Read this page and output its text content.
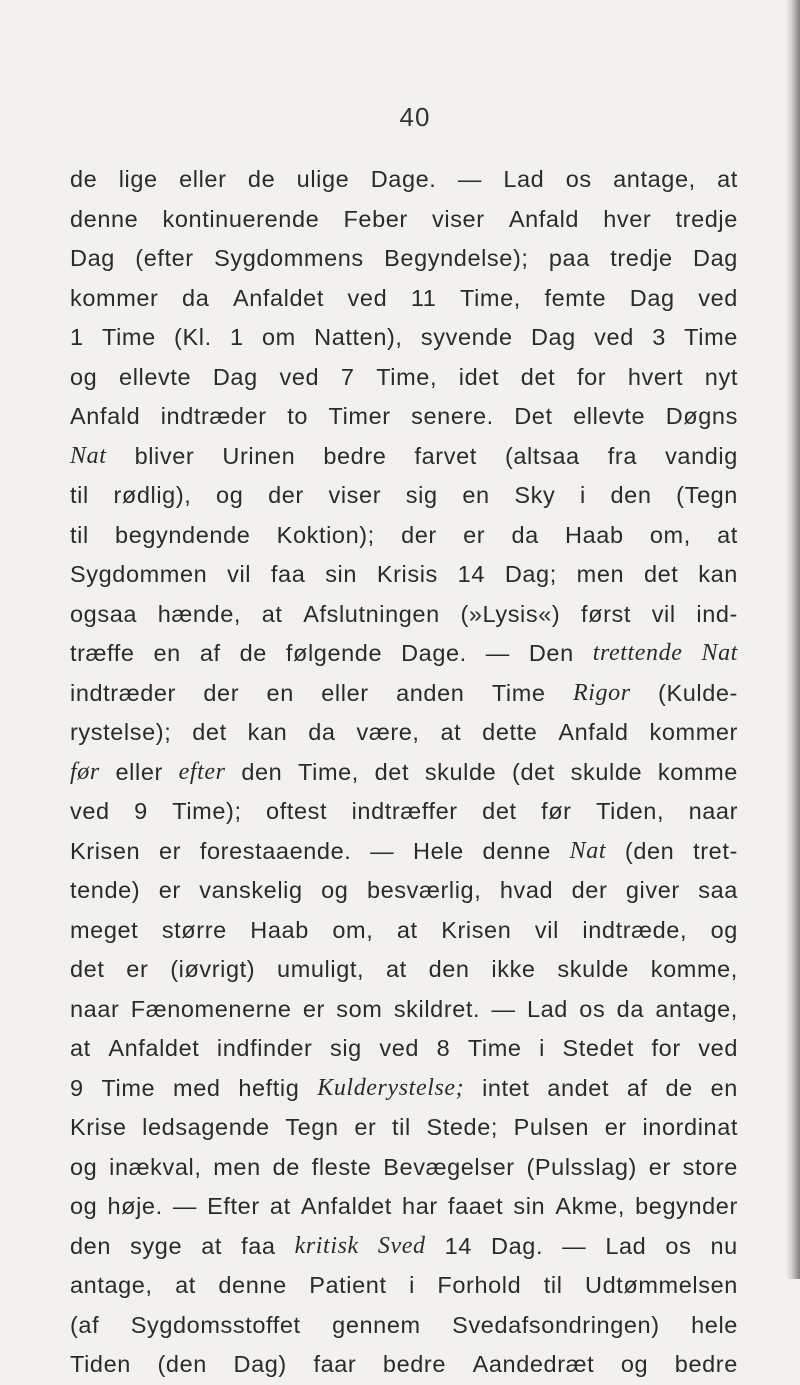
40
de lige eller de ulige Dage. — Lad os antage, at
denne kontinuerende Feber viser Anfald hver tredje
Dag (efter Sygdommens Begyndelse); paa tredje Dag
kommer da Anfaldet ved 11 Time, femte Dag ved
1 Time (Kl. 1 om Natten), syvende Dag ved 3 Time
og ellevte Dag ved 7 Time, idet det for hvert nyt
Anfald indtræder to Timer senere. Det ellevte Døgns
Nat bliver Urinen bedre farvet (altsaa fra vandig
til rødlig), og der viser sig en Sky i den (Tegn
til begyndende Koktion); der er da Haab om, at
Sygdommen vil faa sin Krisis 14 Dag; men det kan
ogsaa hænde, at Afslutningen (»Lysis«) først vil ind-
træffe en af de følgende Dage. — Den trettende Nat
indtræder der en eller anden Time Rigor (Kulde-
rystelse); det kan da være, at dette Anfald kommer
før eller efter den Time, det skulde (det skulde komme
ved 9 Time); oftest indtræffer det før Tiden, naar
Krisen er forestaaende. — Hele denne Nat (den tret-
tende) er vanskelig og besværlig, hvad der giver saa
meget større Haab om, at Krisen vil indtræde, og
det er (iøvrigt) umuligt, at den ikke skulde komme,
naar Fænomenerne er som skildret. — Lad os da antage,
at Anfaldet indfinder sig ved 8 Time i Stedet for ved
9 Time med heftig Kulderystelse; intet andet af de en
Krise ledsagende Tegn er til Stede; Pulsen er inordinat
og inækval, men de fleste Bevægelser (Pulsslag) er store
og høje. — Efter at Anfaldet har faaet sin Akme, begynder
den syge at faa kritisk Sved 14 Dag. — Lad os nu
antage, at denne Patient i Forhold til Udtømmelsen
(af Sygdomsstoffet gennem Svedafsondringen) hele
Tiden (den Dag) faar bedre Aandedræt og bedre
